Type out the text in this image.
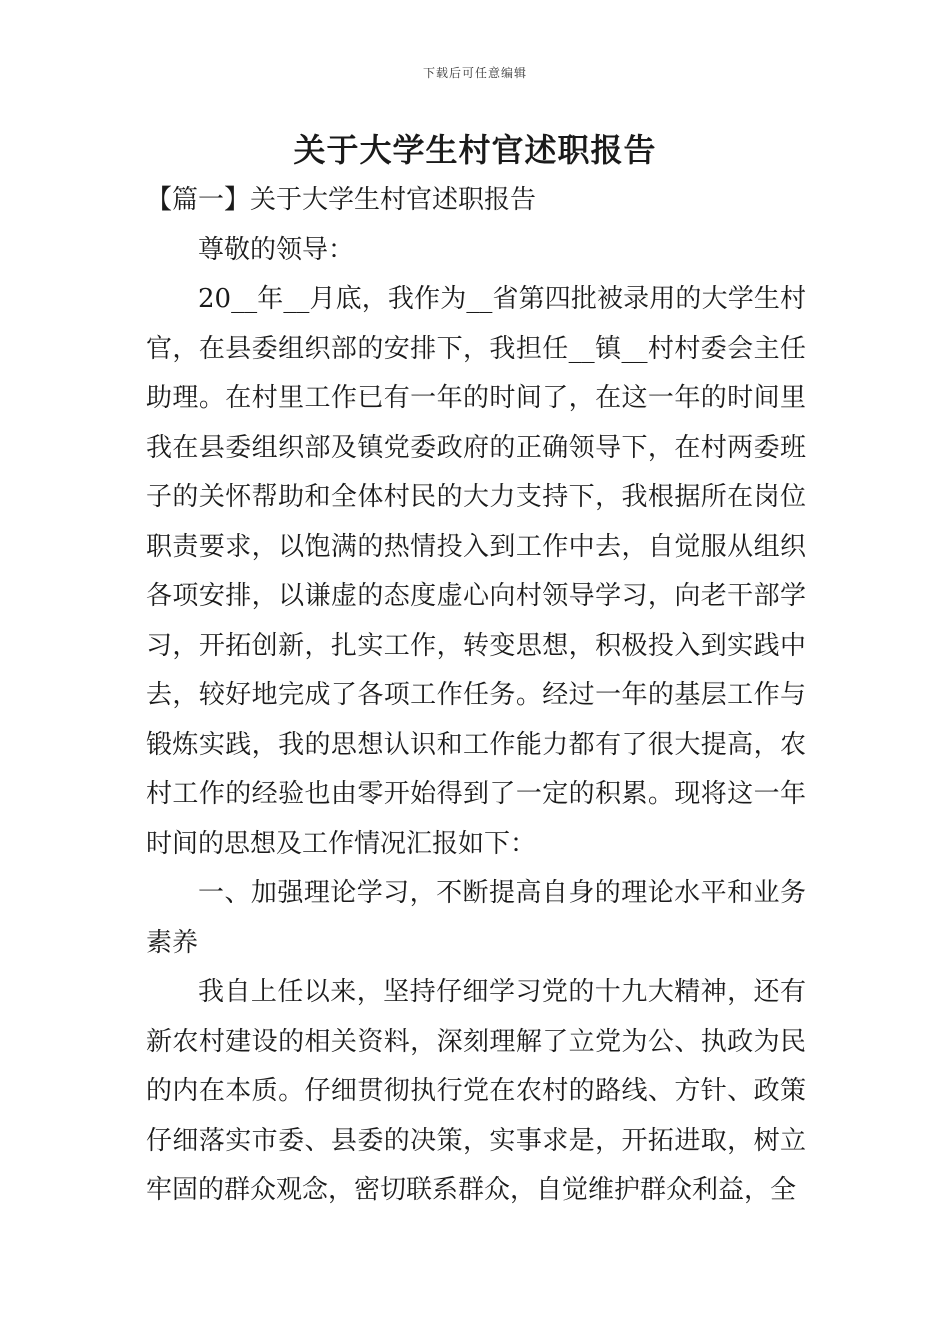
下载后可任意编辑
关于大学生村官述职报告

【篇一】关于大学生村官述职报告

尊敬的领导：

20__年__月底，我作为__省第四批被录用的大学生村官，在县委组织部的安排下，我担任__镇__村村委会主任助理。在村里工作已有一年的时间了，在这一年的时间里我在县委组织部及镇党委政府的正确领导下，在村两委班子的关怀帮助和全体村民的大力支持下，我根据所在岗位职责要求，以饱满的热情投入到工作中去，自觉服从组织各项安排，以谦虚的态度虚心向村领导学习，向老干部学习，开拓创新，扎实工作，转变思想，积极投入到实践中去，较好地完成了各项工作任务。经过一年的基层工作与锻炼实践，我的思想认识和工作能力都有了很大提高，农村工作的经验也由零开始得到了一定的积累。现将这一年时间的思想及工作情况汇报如下：

一、加强理论学习，不断提高自身的理论水平和业务素养

我自上任以来，坚持仔细学习党的十九大精神，还有新农村建设的相关资料，深刻理解了立党为公、执政为民的内在本质。仔细贯彻执行党在农村的路线、方针、政策仔细落实市委、县委的决策，实事求是，开拓进取，树立牢固的群众观念，密切联系群众，自觉维护群众利益，全
